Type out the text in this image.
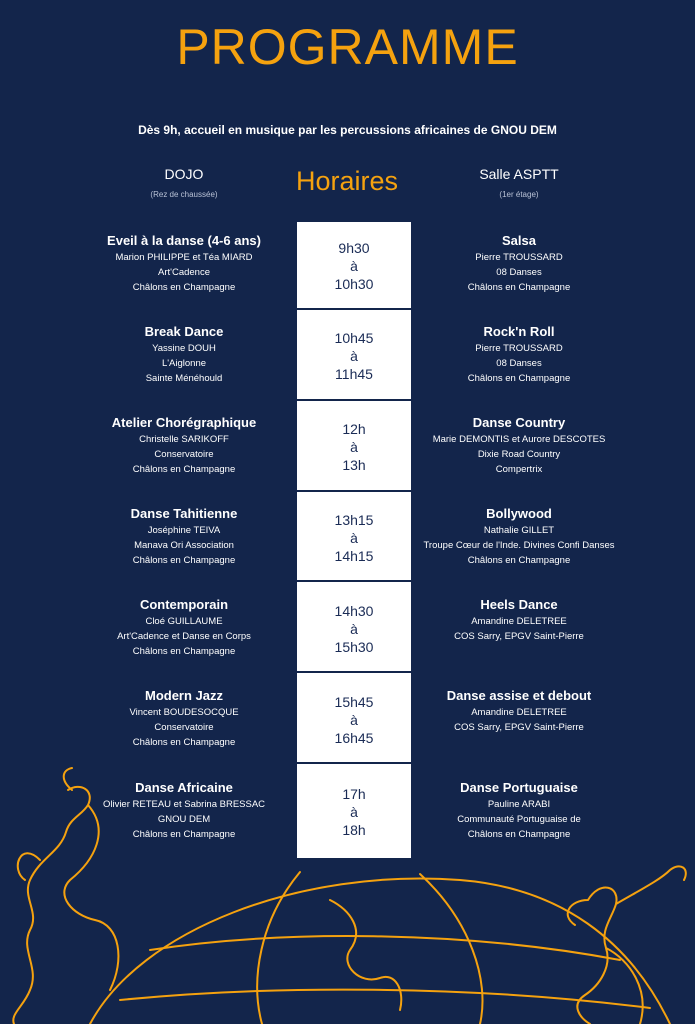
PROGRAMME
Dès 9h, accueil en musique par les percussions africaines de GNOU DEM
DOJO
(Rez de chaussée)	Horaires	Salle ASPTT
(1er étage)
9h30
à
10h30
Eveil à la danse (4-6 ans)
Marion PHILIPPE et Téa MIARD
Art'Cadence
Châlons en Champagne
Salsa
Pierre TROUSSARD
08 Danses
Châlons en Champagne
10h45
à
11h45
Break Dance
Yassine DOUH
L'Aiglonne
Sainte Ménéhould
Rock'n Roll
Pierre TROUSSARD
08 Danses
Châlons en Champagne
12h
à
13h
Atelier Chorégraphique
Christelle SARIKOFF
Conservatoire
Châlons en Champagne
Danse Country
Marie DEMONTIS et Aurore DESCOTES
Dixie Road Country
Compertrix
13h15
à
14h15
Danse Tahitienne
Joséphine TEIVA
Manava Ori Association
Châlons en Champagne
Bollywood
Nathalie GILLET
Troupe Cœur de l'Inde. Divines Confi Danses
Châlons en Champagne
14h30
à
15h30
Contemporain
Cloé GUILLAUME
Art'Cadence et Danse en Corps
Châlons en Champagne
Heels Dance
Amandine DELETREE
COS Sarry, EPGV Saint-Pierre
15h45
à
16h45
Modern Jazz
Vincent BOUDESOCQUE
Conservatoire
Châlons en Champagne
Danse assise et debout
Amandine DELETREE
COS Sarry, EPGV Saint-Pierre
17h
à
18h
Danse Africaine
Olivier RETEAU et Sabrina BRESSAC
GNOU DEM
Châlons en Champagne
Danse Portuguaise
Pauline ARABI
Communauté Portuguaise de
Châlons en Champagne
